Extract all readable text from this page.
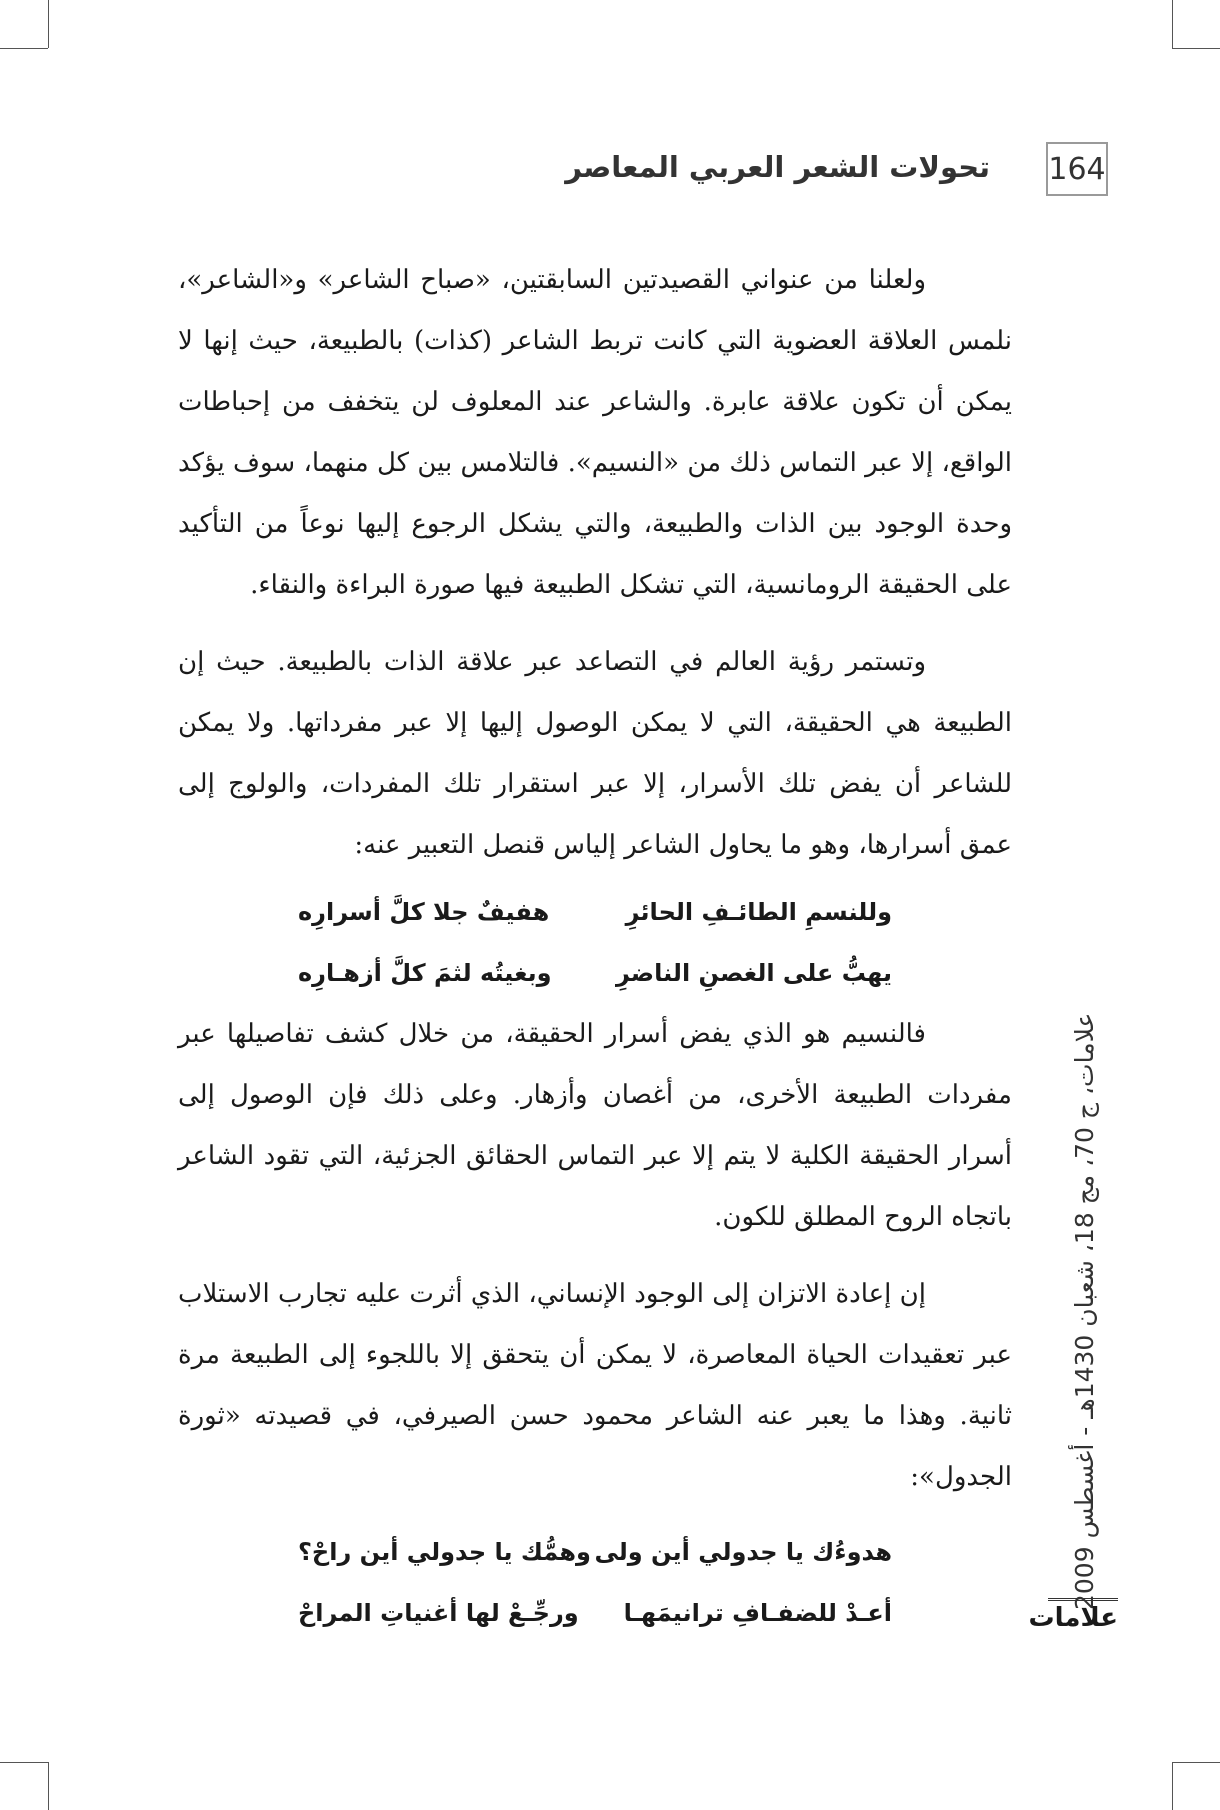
تحولات الشعر العربي المعاصر 164

ولعلنا من عنواني القصيدتين السابقتين، «صباح الشاعر» و«الشاعر»، نلمس العلاقة العضوية التي كانت تربط الشاعر (كذات) بالطبيعة، حيث إنها لا يمكن أن تكون علاقة عابرة. والشاعر عند المعلوف لن يتخفف من إحباطات الواقع، إلا عبر التماس ذلك من «النسيم». فالتلامس بين كل منهما، سوف يؤكد وحدة الوجود بين الذات والطبيعة، والتي يشكل الرجوع إليها نوعاً من التأكيد على الحقيقة الرومانسية، التي تشكل الطبيعة فيها صورة البراءة والنقاء.

وتستمر رؤية العالم في التصاعد عبر علاقة الذات بالطبيعة. حيث إن الطبيعة هي الحقيقة، التي لا يمكن الوصول إليها إلا عبر مفرداتها. ولا يمكن للشاعر أن يفض تلك الأسرار، إلا عبر استقرار تلك المفردات، والولوج إلى عمق أسرارها، وهو ما يحاول الشاعر إلياس قنصل التعبير عنه:

وللنسمِ الطائـفِ الحائرِ
هفيفٌ جلا كلَّ أسرارِه
يهبُّ على الغصنِ الناضرِ
وبغيتُه لثمَ كلَّ أزهـارِه

فالنسيم هو الذي يفض أسرار الحقيقة، من خلال كشف تفاصيلها عبر مفردات الطبيعة الأخرى، من أغصان وأزهار. وعلى ذلك فإن الوصول إلى أسرار الحقيقة الكلية لا يتم إلا عبر التماس الحقائق الجزئية، التي تقود الشاعر باتجاه الروح المطلق للكون.

إن إعادة الاتزان إلى الوجود الإنساني، الذي أثرت عليه تجارب الاستلاب عبر تعقيدات الحياة المعاصرة، لا يمكن أن يتحقق إلا باللجوء إلى الطبيعة مرة ثانية. وهذا ما يعبر عنه الشاعر محمود حسن الصيرفي، في قصيدته «ثورة الجدول»:

هدوءُك يا جدولي أين ولى
وهمُّك يا جدولي أين راحْ؟
أعـدْ للضفـافِ ترانيمَهـا
ورجِّـعْ لها أغنياتِ المراحْ
علامات، ج 70، مج 18، شعبان 1430هـ - أغسطس 2009
علامات
